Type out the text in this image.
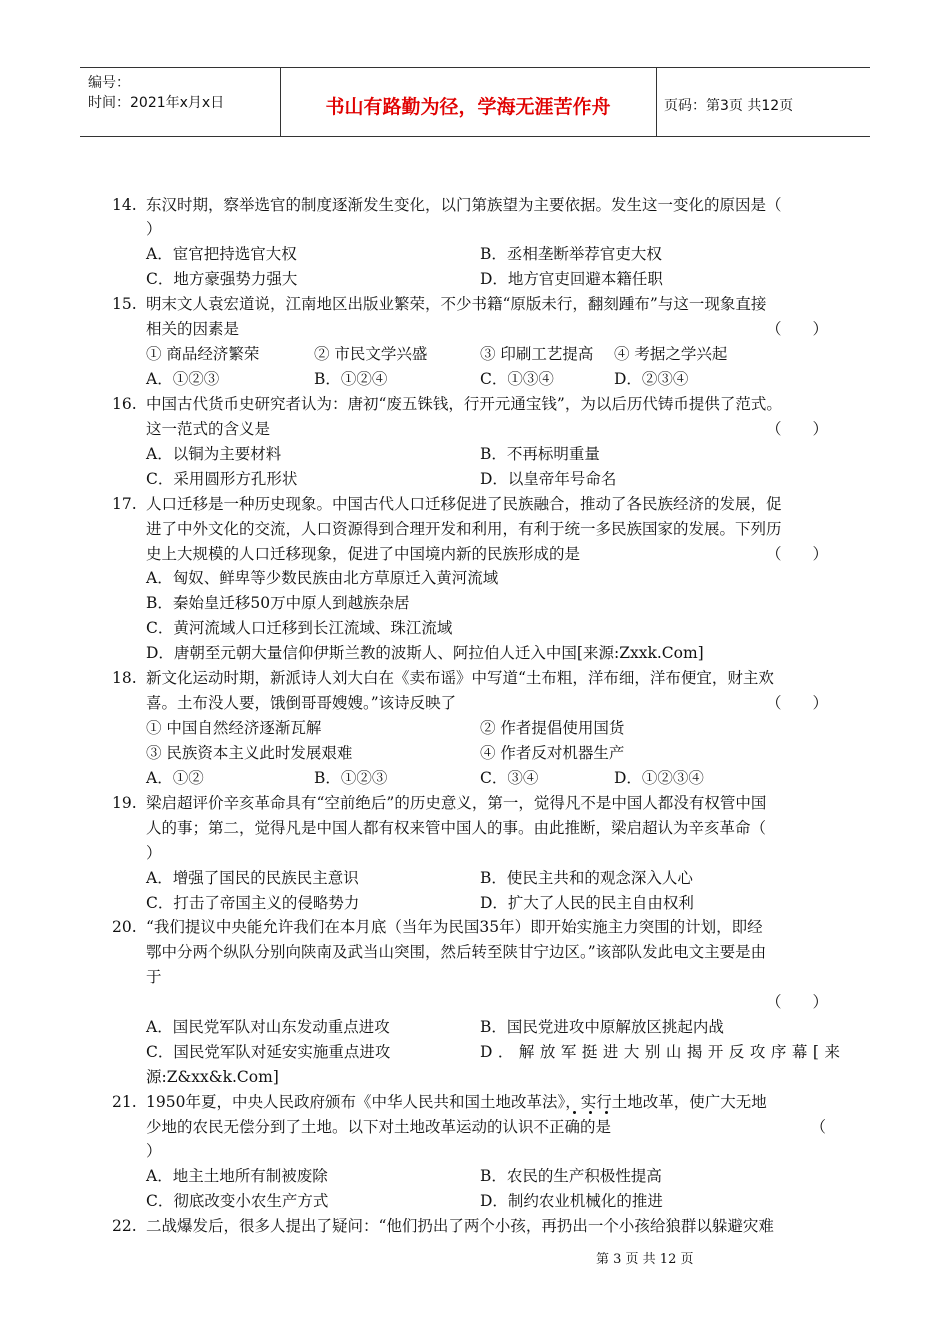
编号：
时间：2021年x月x日	书山有路勤为径，学海无涯苦作舟	页码：第3页 共12页
14. 东汉时期，察举选官的制度逐渐发生变化，以门第族望为主要依据。发生这一变化的原因是（
）
A．宦官把持选官大权	B．丞相垄断举荐官吏大权
C．地方豪强势力强大	D．地方官吏回避本籍任职
15. 明末文人袁宏道说，江南地区出版业繁荣，不少书籍“原版未行，翻刻踵布”与这一现象直接
相关的因素是	（　　）
① 商品经济繁荣	② 市民文学兴盛	③ 印刷工艺提高 ④ 考据之学兴起
A．①②③	B．①②④	C．①③④	D．②③④
16. 中国古代货币史研究者认为：唐初“废五铢钱，行开元通宝钱”，为以后历代铸币提供了范式。
这一范式的含义是	（　　）
A．以铜为主要材料	B．不再标明重量
C．采用圆形方孔形状	D．以皇帝年号命名
17. 人口迁移是一种历史现象。中国古代人口迁移促进了民族融合，推动了各民族经济的发展，促
进了中外文化的交流，人口资源得到合理开发和利用，有利于统一多民族国家的发展。下列历
史上大规模的人口迁移现象，促进了中国境内新的民族形成的是	（　　）
A．匈奴、鲜卑等少数民族由北方草原迁入黄河流域
B．秦始皇迁移50万中原人到越族杂居
C．黄河流域人口迁移到长江流域、珠江流域
D．唐朝至元朝大量信仰伊斯兰教的波斯人、阿拉伯人迁入中国[来源:Zxxk.Com]
18. 新文化运动时期，新派诗人刘大白在《卖布谣》中写道“土布粗，洋布细，洋布便宜，财主欢
喜。土布没人要，饿倒哥哥嫂嫂。”该诗反映了	（　　）
① 中国自然经济逐渐瓦解	② 作者提倡使用国货
③ 民族资本主义此时发展艰难	④ 作者反对机器生产
A．①②	B．①②③	C．③④	D．①②③④
19. 梁启超评价辛亥革命具有“空前绝后”的历史意义，第一，觉得凡不是中国人都没有权管中国
人的事；第二，觉得凡是中国人都有权来管中国人的事。由此推断，梁启超认为辛亥革命（
）
A．增强了国民的民族民主意识	B．使民主共和的观念深入人心
C．打击了帝国主义的侵略势力	D．扩大了人民的民主自由权利
20. “我们提议中央能允许我们在本月底（当年为民国35年）即开始实施主力突围的计划，即经
鄂中分两个纵队分别向陕南及武当山突围，然后转至陕甘宁边区。”该部队发此电文主要是由
于
（　　）
A．国民党军队对山东发动重点进攻	B．国民党进攻中原解放区挑起内战
C．国民党军队对延安实施重点进攻	D．解放军挺进大别山揭开反攻序幕[来
源:Z&xx&k.Com]
21. 1950年夏，中央人民政府颁布《中华人民共和国土地改革法》，实行土地改革，使广大无地
少地的农民无偿分到了土地。以下对土地改革运动的认识不正确的是	（
）
A．地主土地所有制被废除	B．农民的生产积极性提高
C．彻底改变小农生产方式	D．制约农业机械化的推进
22. 二战爆发后，很多人提出了疑问：“他们扔出了两个小孩，再扔出一个小孩给狼群以躲避灾难
第 3 页 共 12 页
